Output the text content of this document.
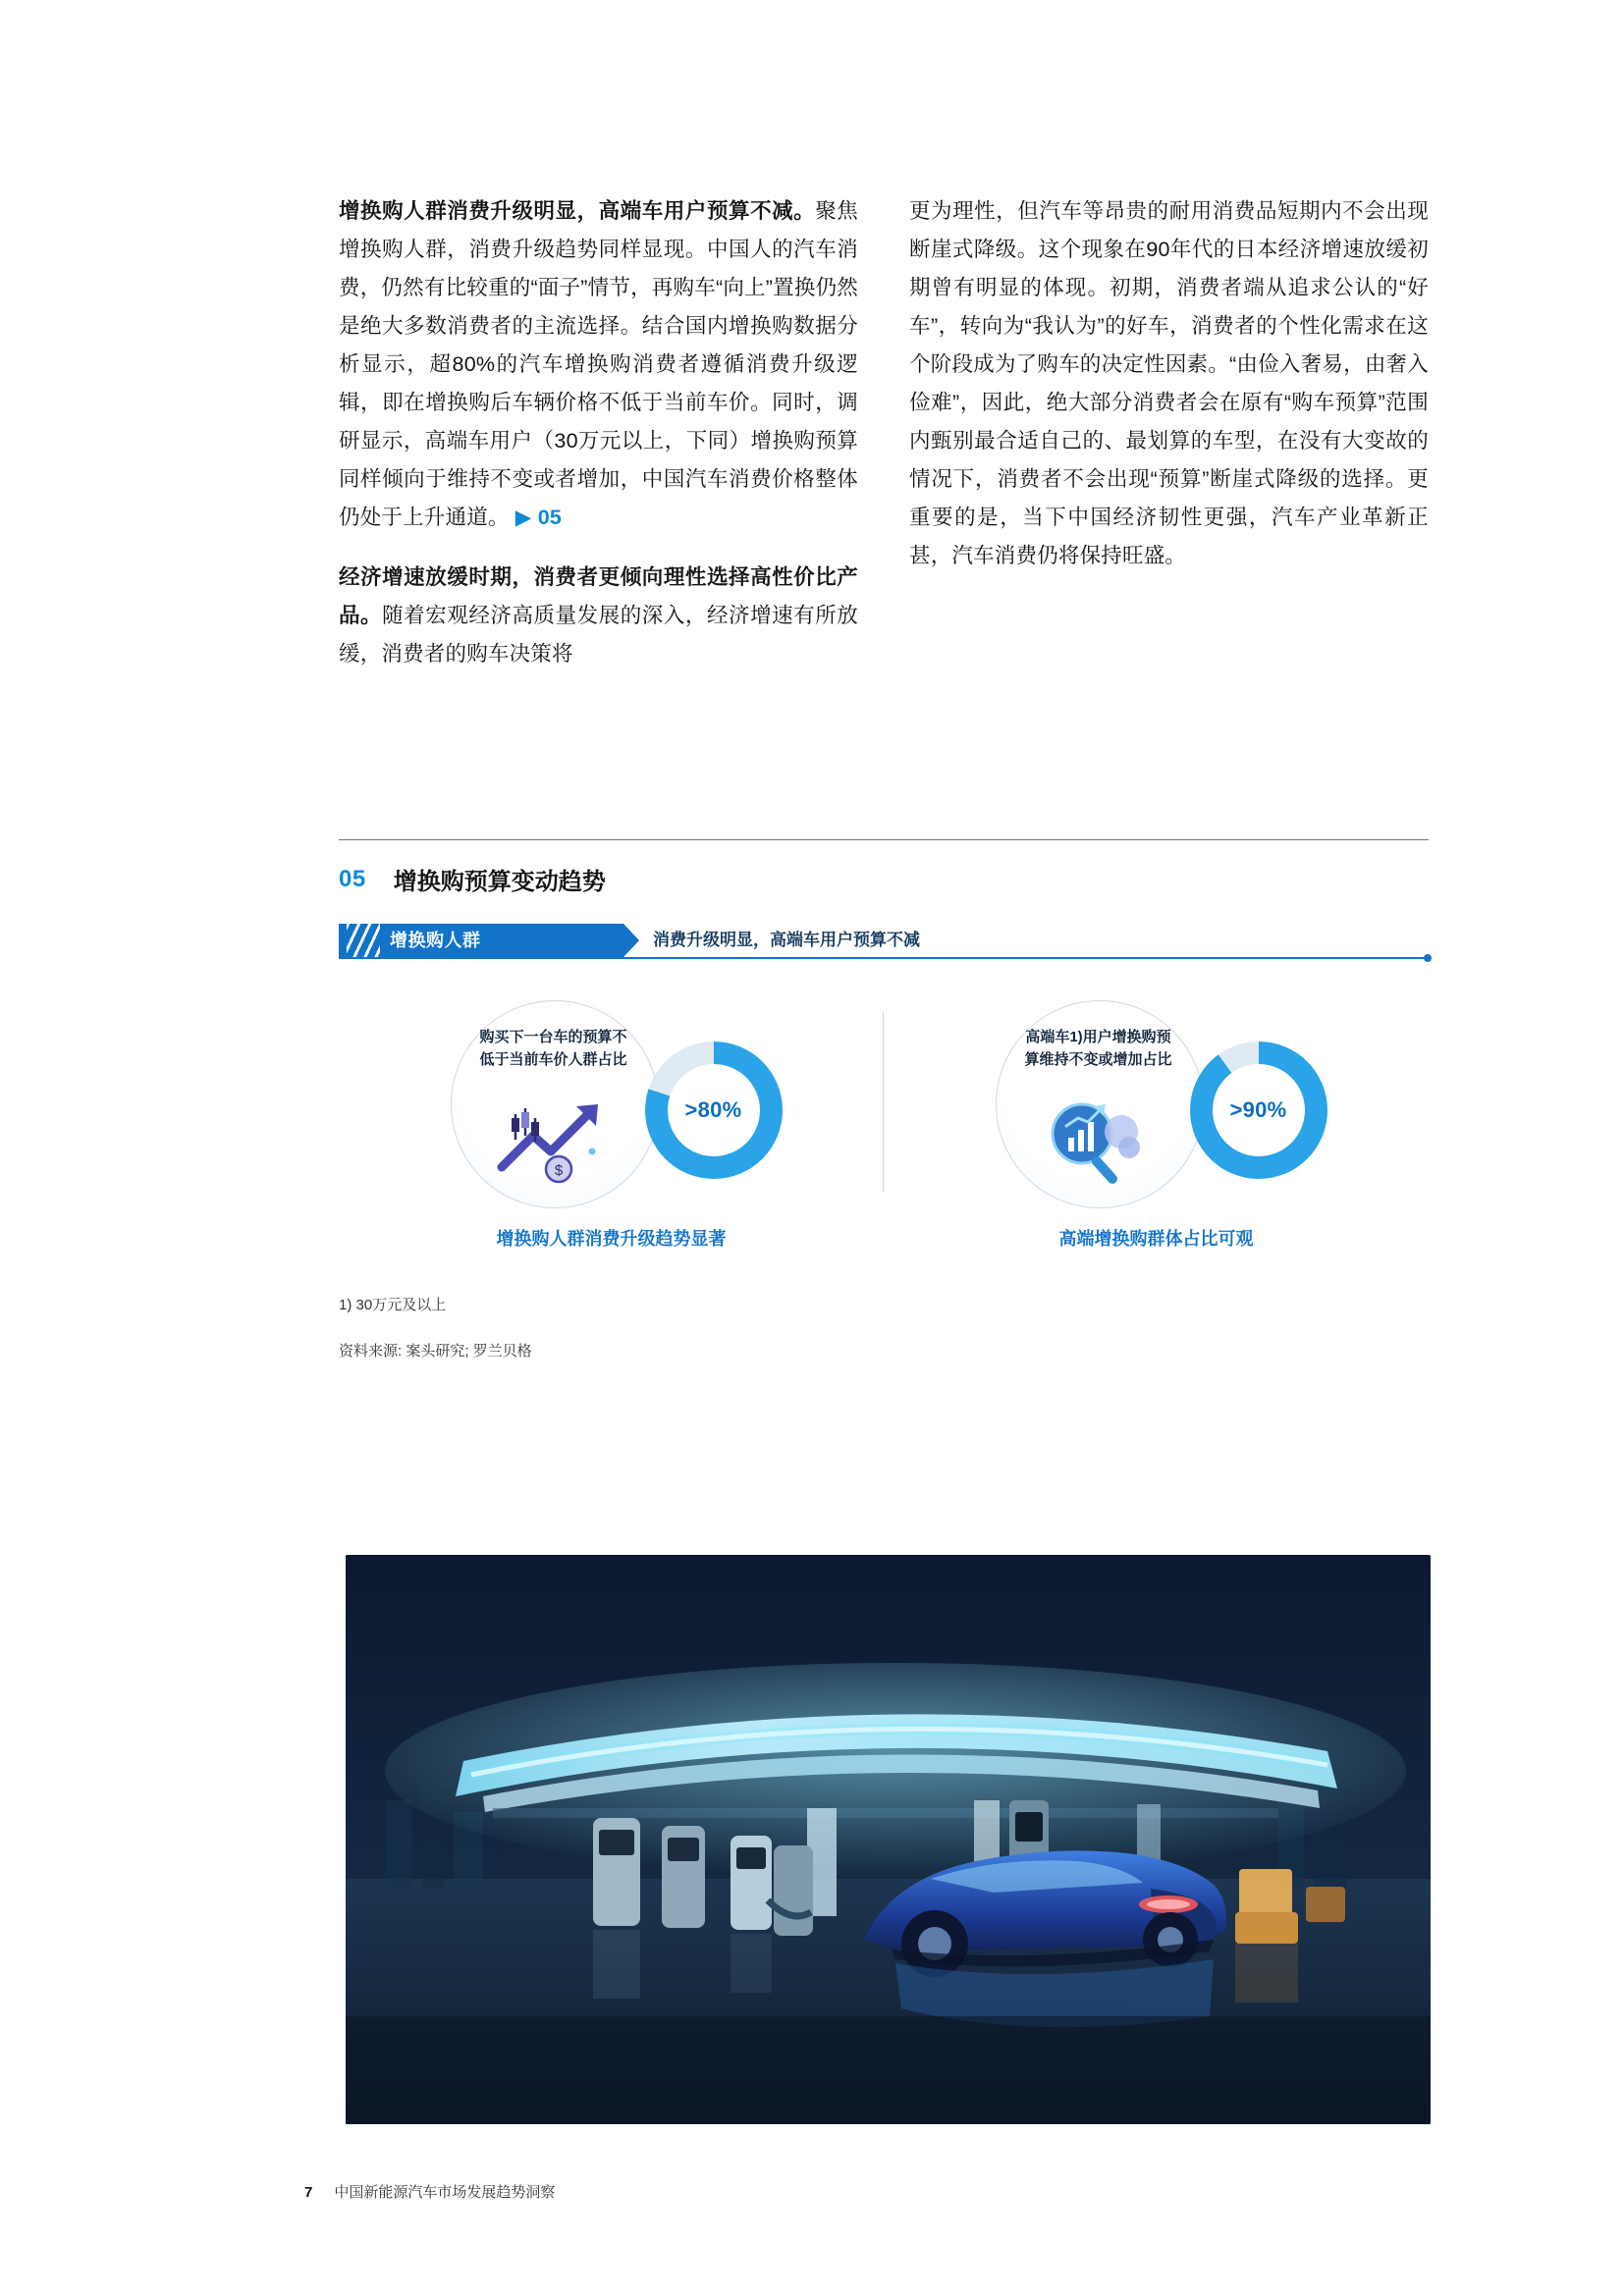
增换购人群消费升级明显，高端车用户预算不减。聚焦增换购人群，消费升级趋势同样显现。中国人的汽车消费，仍然有比较重的“面子”情节，再购车“向上”置换仍然是绝大多数消费者的主流选择。结合国内增换购数据分析显示，超80%的汽车增换购消费者遵循消费升级逻辑，即在增换购后车辆价格不低于当前车价。同时，调研显示，高端车用户（30万元以上，下同）增换购预算同样倾向于维持不变或者增加，中国汽车消费价格整体仍处于上升通道。 ▶ 05

经济增速放缓时期，消费者更倾向理性选择高性价比产品。随着宏观经济高质量发展的深入，经济增速有所放缓，消费者的购车决策将

更为理性，但汽车等昂贵的耐用消费品短期内不会出现断崖式降级。这个现象在90年代的日本经济增速放缓初期曾有明显的体现。初期，消费者端从追求公认的“好车”，转向为“我认为”的好车，消费者的个性化需求在这个阶段成为了购车的决定性因素。“由俭入奢易，由奢入俭难”，因此，绝大部分消费者会在原有“购车预算”范围内甄别最合适自己的、最划算的车型，在没有大变故的情况下，消费者不会出现“预算”断崖式降级的选择。更重要的是，当下中国经济韧性更强，汽车产业革新正甚，汽车消费仍将保持旺盛。

05 增换购预算变动趋势
增换购人群	消费升级明显，高端车用户预算不减
购买下一台车的预算不低于当前车价人群占比
$
>80%
增换购人群消费升级趋势显著
高端车1)用户增换购预算维持不变或增加占比
>90%
高端增换购群体占比可观
1) 30万元及以上
资料来源: 案头研究; 罗兰贝格
7 中国新能源汽车市场发展趋势洞察
